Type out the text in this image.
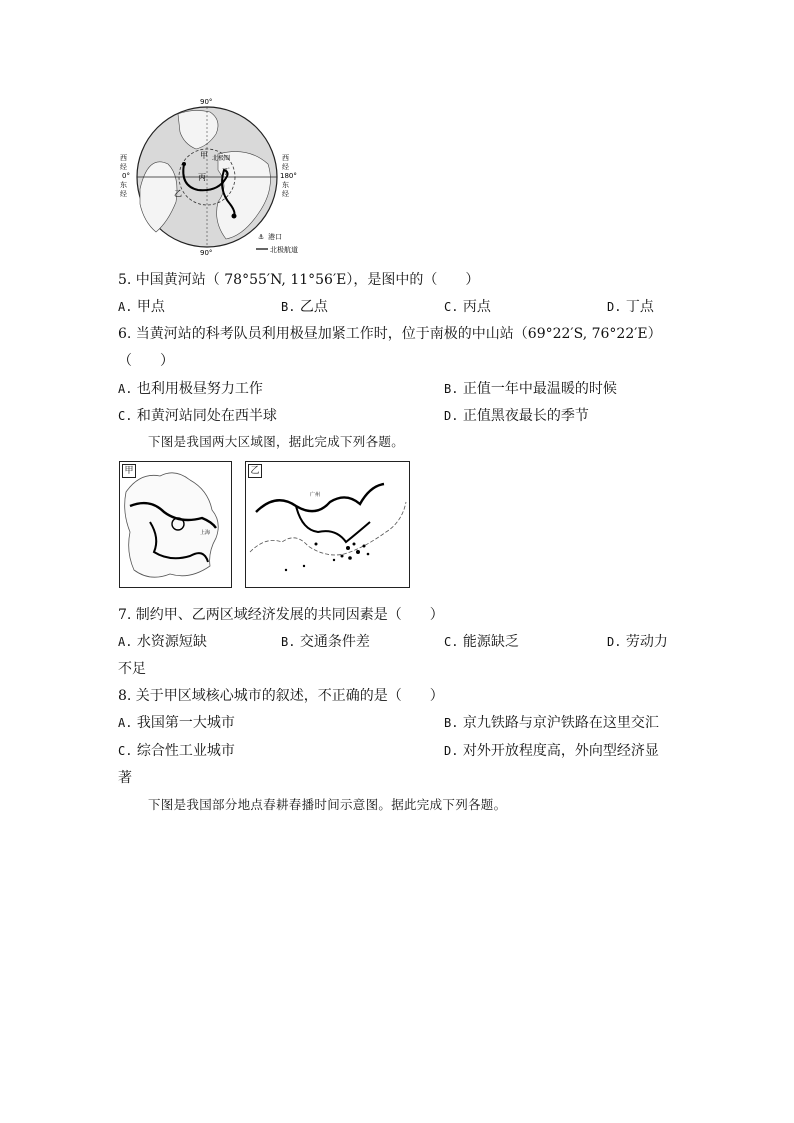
甲
丙
乙
丁
北极圈
90°
90°
西
经
0°
东
经
西
经
180°
东
经
⚓ 港口
北极航道
5. 中国黄河站（ 78°55′N, 11°56′E），是图中的（　　）
A. 甲点	B. 乙点	C. 丙点	D. 丁点
6. 当黄河站的科考队员利用极昼加紧工作时，位于南极的中山站（69°22′S, 76°22′E）
（　　）
A. 也利用极昼努力工作	B. 正值一年中最温暖的时候
C. 和黄河站同处在西半球	D. 正值黑夜最长的季节
下图是我国两大区域图，据此完成下列各题。
上海
甲
广州
乙
7. 制约甲、乙两区域经济发展的共同因素是（　　）
A. 水资源短缺	B. 交通条件差	C. 能源缺乏	D. 劳动力
不足
8. 关于甲区域核心城市的叙述，不正确的是（　　）
A. 我国第一大城市	B. 京九铁路与京沪铁路在这里交汇
C. 综合性工业城市	D. 对外开放程度高，外向型经济显
著
下图是我国部分地点春耕春播时间示意图。据此完成下列各题。
